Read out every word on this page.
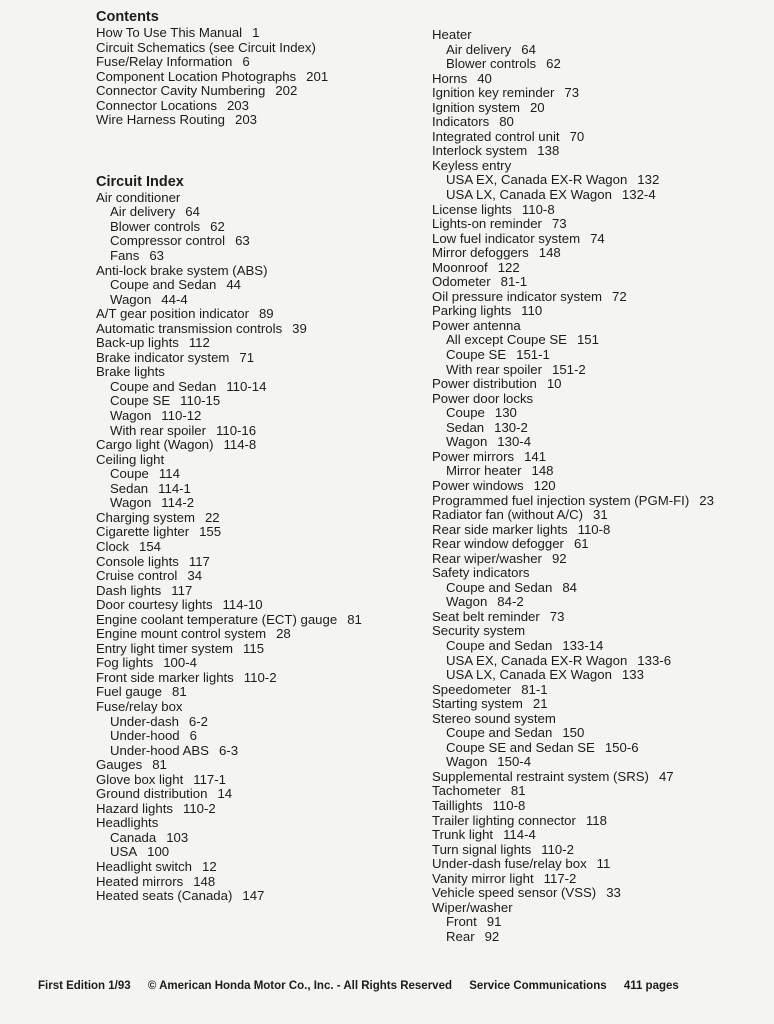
Contents
How To Use This Manual 1
Circuit Schematics (see Circuit Index)
Fuse/Relay Information 6
Component Location Photographs 201
Connector Cavity Numbering 202
Connector Locations 203
Wire Harness Routing 203
Circuit Index
Air conditioner
Air delivery 64
Blower controls 62
Compressor control 63
Fans 63
Anti-lock brake system (ABS)
Coupe and Sedan 44
Wagon 44-4
A/T gear position indicator 89
Automatic transmission controls 39
Back-up lights 112
Brake indicator system 71
Brake lights
Coupe and Sedan 110-14
Coupe SE 110-15
Wagon 110-12
With rear spoiler 110-16
Cargo light (Wagon) 114-8
Ceiling light
Coupe 114
Sedan 114-1
Wagon 114-2
Charging system 22
Cigarette lighter 155
Clock 154
Console lights 117
Cruise control 34
Dash lights 117
Door courtesy lights 114-10
Engine coolant temperature (ECT) gauge 81
Engine mount control system 28
Entry light timer system 115
Fog lights 100-4
Front side marker lights 110-2
Fuel gauge 81
Fuse/relay box
Under-dash 6-2
Under-hood 6
Under-hood ABS 6-3
Gauges 81
Glove box light 117-1
Ground distribution 14
Hazard lights 110-2
Headlights
Canada 103
USA 100
Headlight switch 12
Heated mirrors 148
Heated seats (Canada) 147
Heater
Air delivery 64
Blower controls 62
Horns 40
Ignition key reminder 73
Ignition system 20
Indicators 80
Integrated control unit 70
Interlock system 138
Keyless entry
USA EX, Canada EX-R Wagon 132
USA LX, Canada EX Wagon 132-4
License lights 110-8
Lights-on reminder 73
Low fuel indicator system 74
Mirror defoggers 148
Moonroof 122
Odometer 81-1
Oil pressure indicator system 72
Parking lights 110
Power antenna
All except Coupe SE 151
Coupe SE 151-1
With rear spoiler 151-2
Power distribution 10
Power door locks
Coupe 130
Sedan 130-2
Wagon 130-4
Power mirrors 141
Mirror heater 148
Power windows 120
Programmed fuel injection system (PGM-FI) 23
Radiator fan (without A/C) 31
Rear side marker lights 110-8
Rear window defogger 61
Rear wiper/washer 92
Safety indicators
Coupe and Sedan 84
Wagon 84-2
Seat belt reminder 73
Security system
Coupe and Sedan 133-14
USA EX, Canada EX-R Wagon 133-6
USA LX, Canada EX Wagon 133
Speedometer 81-1
Starting system 21
Stereo sound system
Coupe and Sedan 150
Coupe SE and Sedan SE 150-6
Wagon 150-4
Supplemental restraint system (SRS) 47
Tachometer 81
Taillights 110-8
Trailer lighting connector 118
Trunk light 114-4
Turn signal lights 110-2
Under-dash fuse/relay box 11
Vanity mirror light 117-2
Vehicle speed sensor (VSS) 33
Wiper/washer
Front 91
Rear 92
First Edition 1/93 © American Honda Motor Co., Inc. - All Rights Reserved Service Communications 411 pages
